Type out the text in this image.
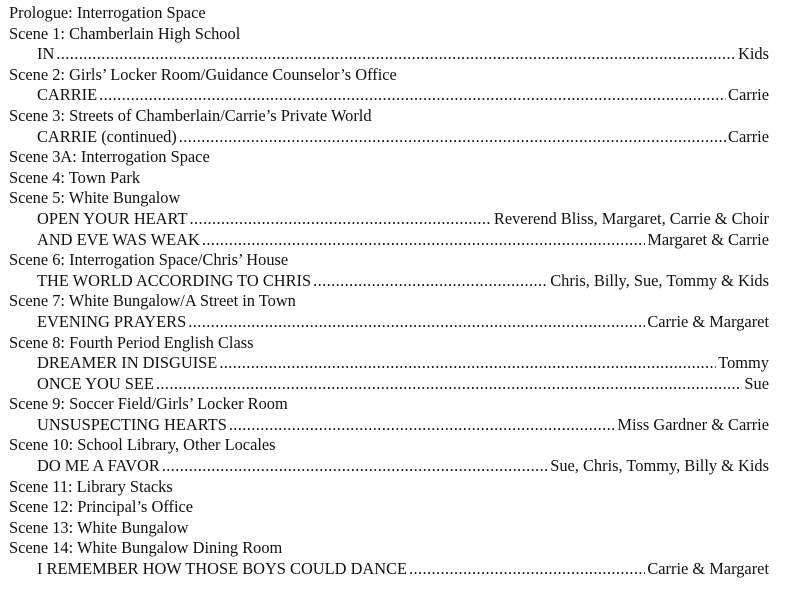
Prologue: Interrogation Space
Scene 1: Chamberlain High School
IN .....	Kids
Scene 2: Girls’ Locker Room/Guidance Counselor’s Office
CARRIE .....	Carrie
Scene 3: Streets of Chamberlain/Carrie’s Private World
CARRIE (continued) .....	Carrie
Scene 3A: Interrogation Space
Scene 4: Town Park
Scene 5: White Bungalow
OPEN YOUR HEART .....	Reverend Bliss, Margaret, Carrie & Choir
AND EVE WAS WEAK .....	Margaret & Carrie
Scene 6: Interrogation Space/Chris’ House
THE WORLD ACCORDING TO CHRIS .....	Chris, Billy, Sue, Tommy & Kids
Scene 7: White Bungalow/A Street in Town
EVENING PRAYERS .....	Carrie & Margaret
Scene 8: Fourth Period English Class
DREAMER IN DISGUISE .....	Tommy
ONCE YOU SEE .....	Sue
Scene 9: Soccer Field/Girls’ Locker Room
UNSUSPECTING HEARTS .....	Miss Gardner & Carrie
Scene 10: School Library, Other Locales
DO ME A FAVOR .....	Sue, Chris, Tommy, Billy & Kids
Scene 11: Library Stacks
Scene 12: Principal’s Office
Scene 13: White Bungalow
Scene 14: White Bungalow Dining Room
I REMEMBER HOW THOSE BOYS COULD DANCE .....	Carrie & Margaret
